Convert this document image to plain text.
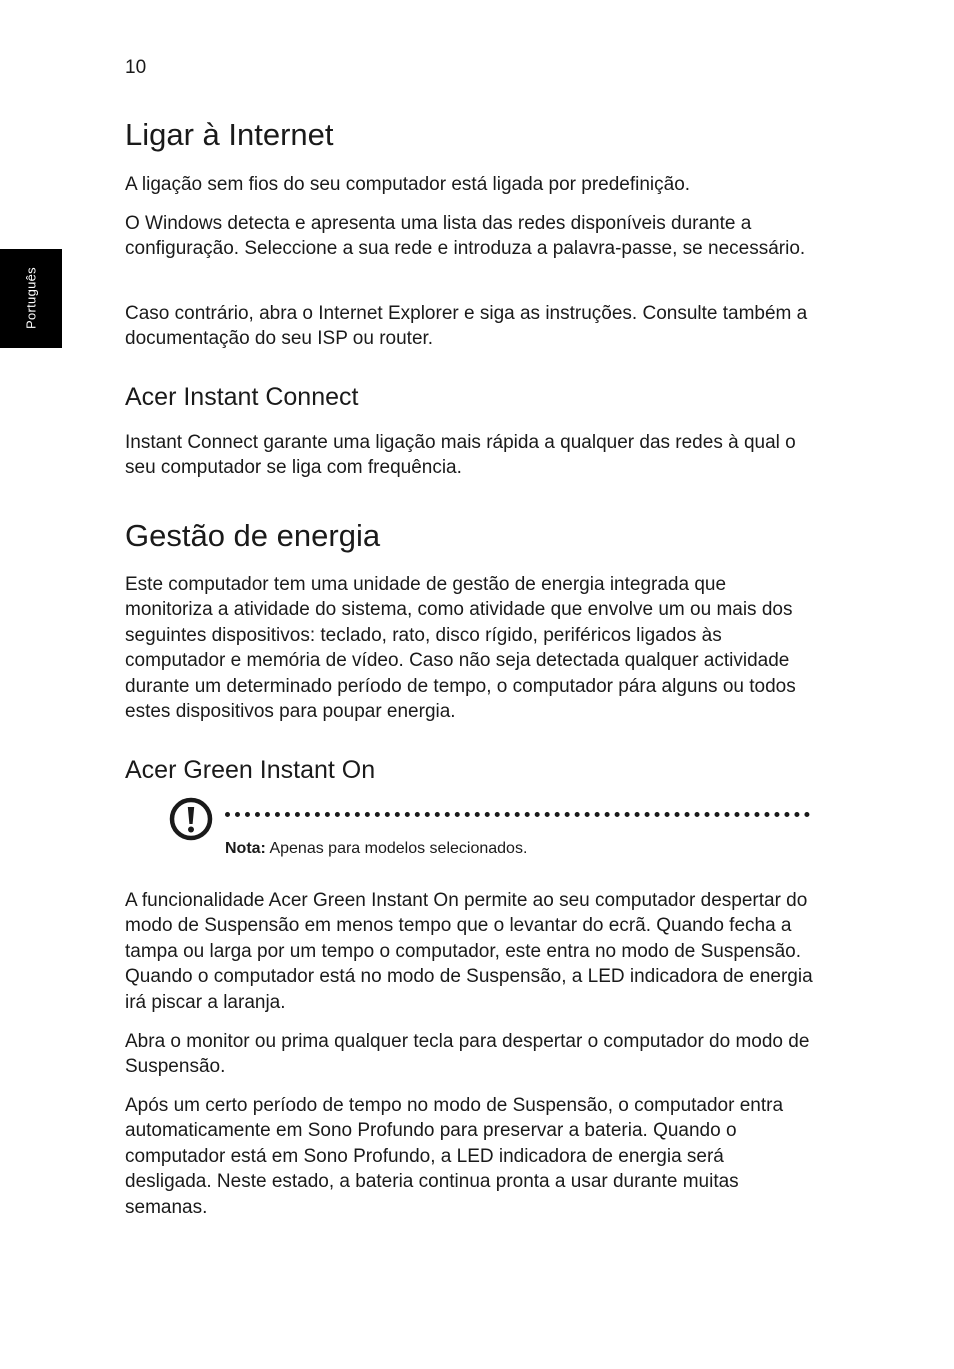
10
Português
Ligar à Internet

A ligação sem fios do seu computador está ligada por predefinição.

O Windows detecta e apresenta uma lista das redes disponíveis durante a configuração. Seleccione a sua rede e introduza a palavra-passe, se necessário.

Caso contrário, abra o Internet Explorer e siga as instruções. Consulte também a documentação do seu ISP ou router.

Acer Instant Connect

Instant Connect garante uma ligação mais rápida a qualquer das redes à qual o seu computador se liga com frequência.

Gestão de energia

Este computador tem uma unidade de gestão de energia integrada que monitoriza a atividade do sistema, como atividade que envolve um ou mais dos seguintes dispositivos: teclado, rato, disco rígido, periféricos ligados às computador e memória de vídeo. Caso não seja detectada qualquer actividade durante um determinado período de tempo, o computador pára alguns ou todos estes dispositivos para poupar energia.

Acer Green Instant On

A funcionalidade Acer Green Instant On permite ao seu computador despertar do modo de Suspensão em menos tempo que o levantar do ecrã. Quando fecha a tampa ou larga por um tempo o computador, este entra no modo de Suspensão. Quando o computador está no modo de Suspensão, a LED indicadora de energia irá piscar a laranja.

Abra o monitor ou prima qualquer tecla para despertar o computador do modo de Suspensão.

Após um certo período de tempo no modo de Suspensão, o computador entra automaticamente em Sono Profundo para preservar a bateria. Quando o computador está em Sono Profundo, a LED indicadora de energia será desligada. Neste estado, a bateria continua pronta a usar durante muitas semanas.

Nota: Apenas para modelos selecionados.
